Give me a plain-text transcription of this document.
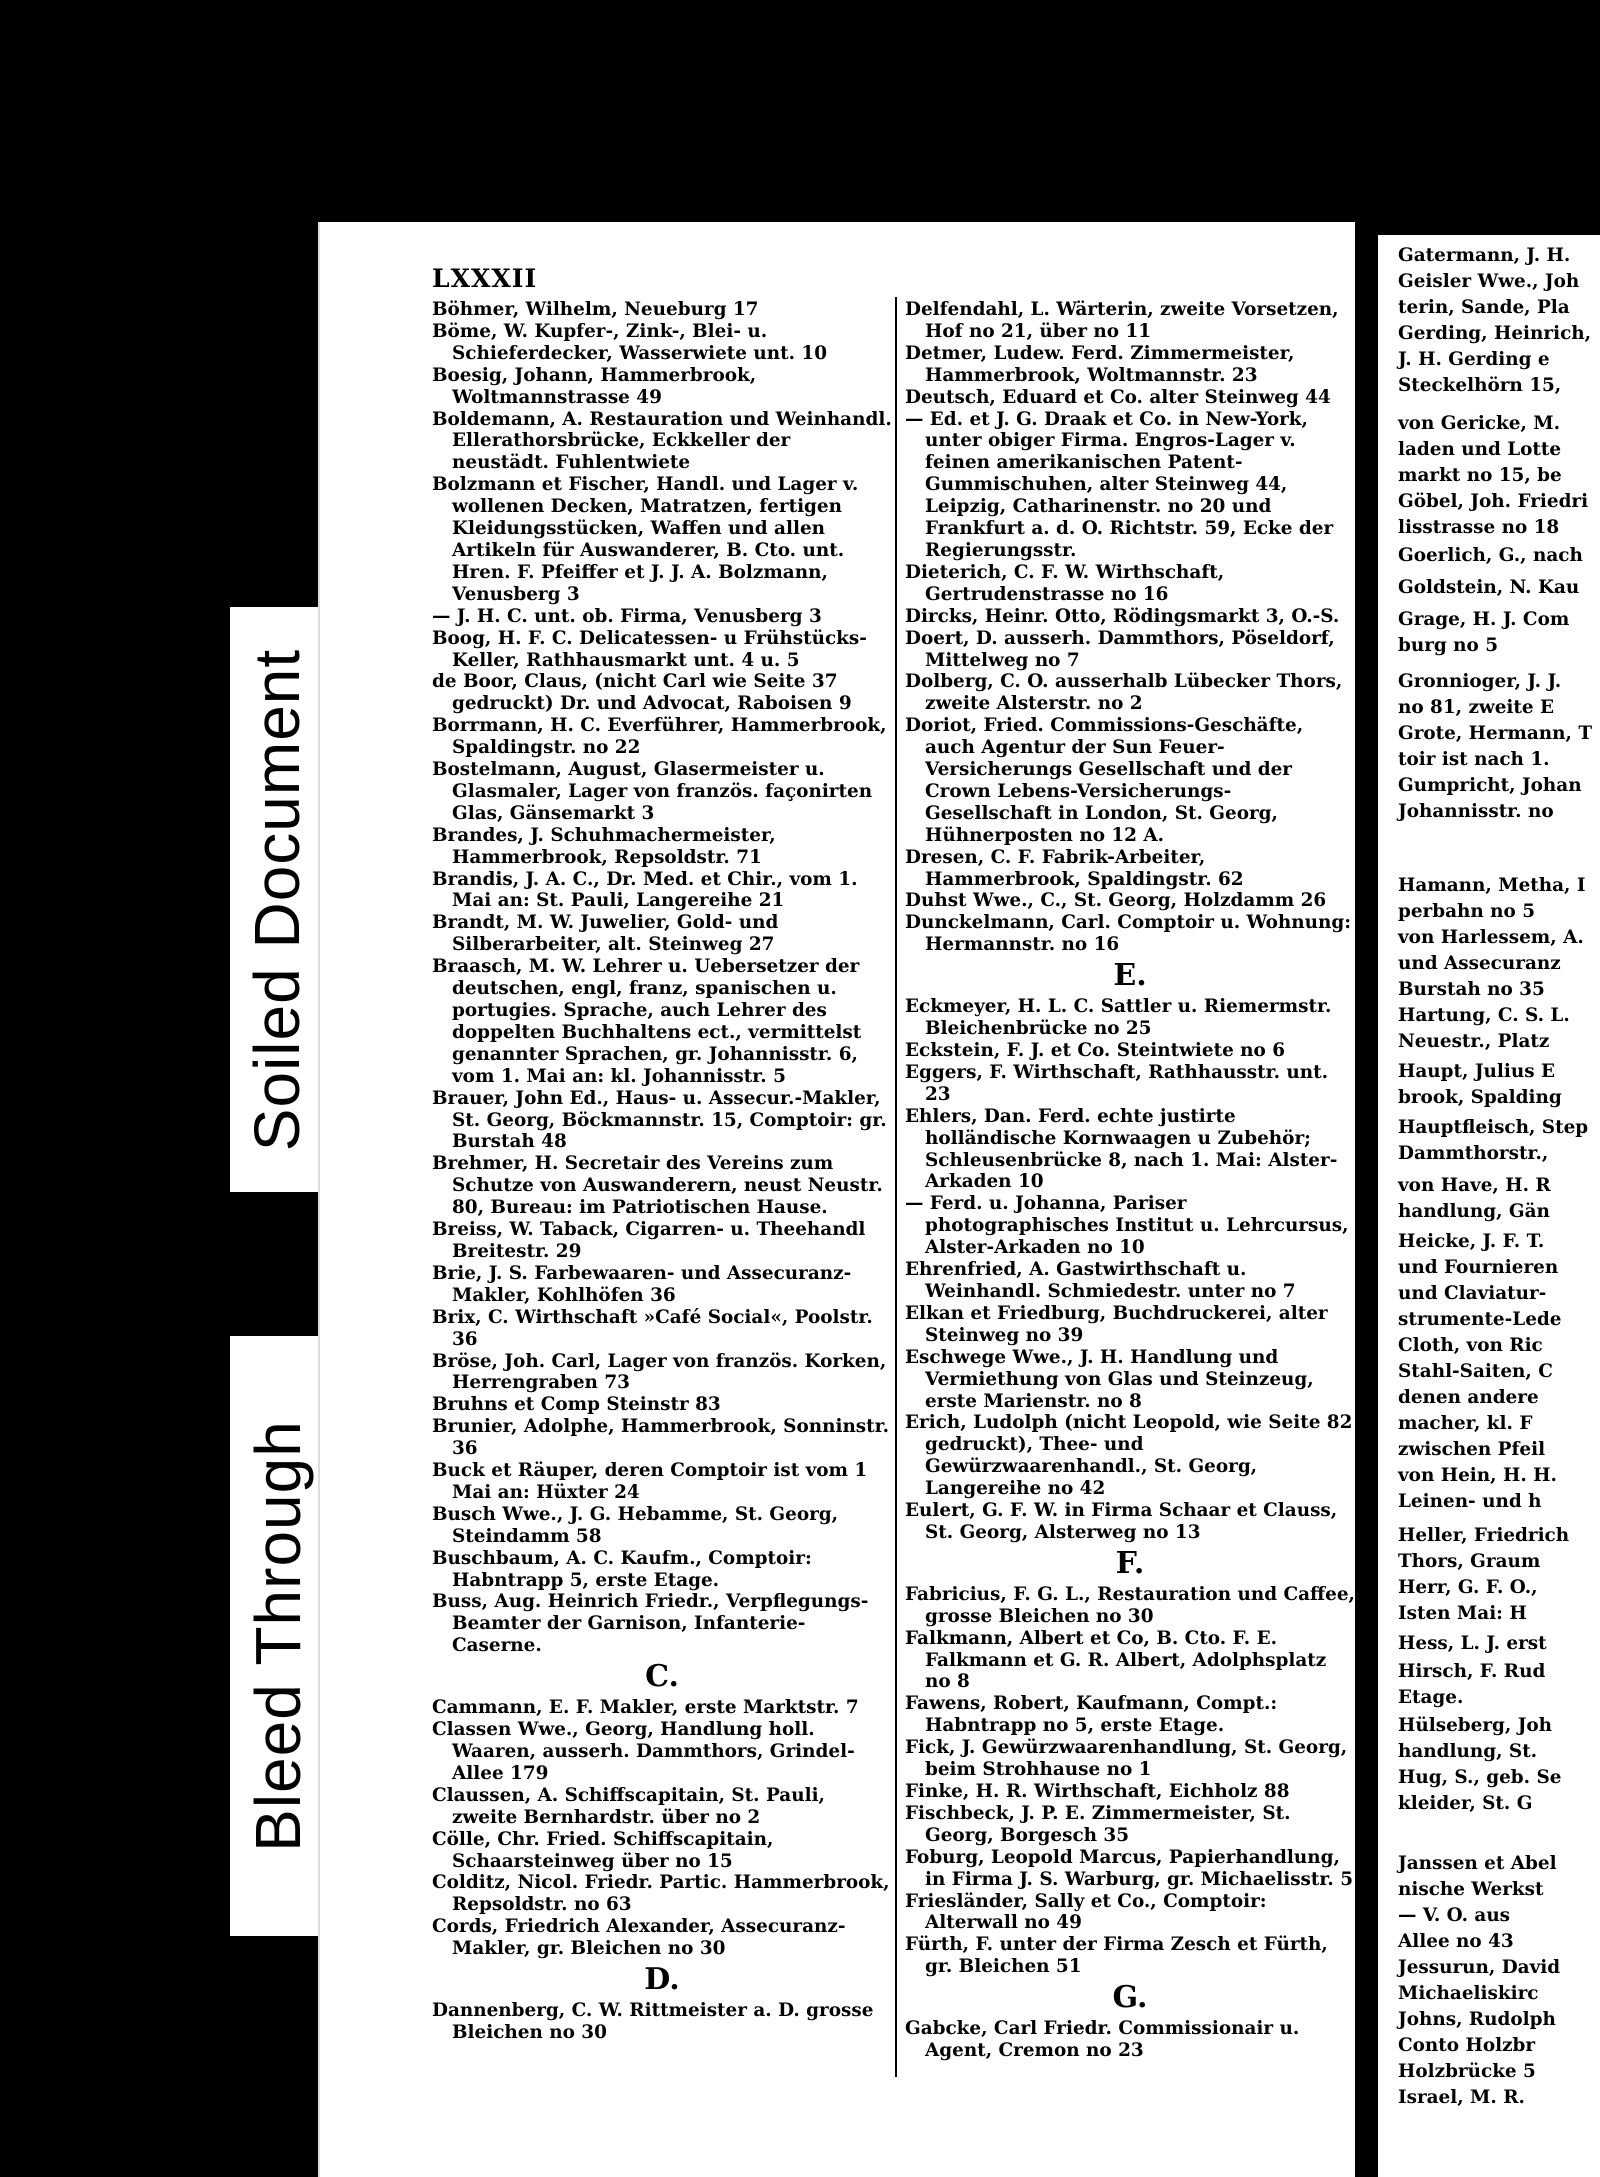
Soiled Document
Bleed Through
LXXXII
Böhmer, Wilhelm, Neueburg 17
Böme, W. Kupfer-, Zink-, Blei- u. Schieferdecker, Wasserwiete unt. 10
Boesig, Johann, Hammerbrook, Woltmannstrasse 49
Boldemann, A. Restauration und Weinhandl. Ellerathorsbrücke, Eckkeller der neustädt. Fuhlentwiete
Bolzmann et Fischer, Handl. und Lager v. wollenen Decken, Matratzen, fertigen Kleidungsstücken, Waffen und allen Artikeln für Auswanderer, B. Cto. unt. Hren. F. Pfeiffer et J. J. A. Bolzmann, Venusberg 3
— J. H. C. unt. ob. Firma, Venusberg 3
Boog, H. F. C. Delicatessen- u Frühstücks-Keller, Rathhausmarkt unt. 4 u. 5
de Boor, Claus, (nicht Carl wie Seite 37 gedruckt) Dr. und Advocat, Raboisen 9
Borrmann, H. C. Everführer, Hammerbrook, Spaldingstr. no 22
Bostelmann, August, Glasermeister u. Glasmaler, Lager von französ. façonirten Glas, Gänsemarkt 3
Brandes, J. Schuhmachermeister, Hammerbrook, Repsoldstr. 71
Brandis, J. A. C., Dr. Med. et Chir., vom 1. Mai an: St. Pauli, Langereihe 21
Brandt, M. W. Juwelier, Gold- und Silberarbeiter, alt. Steinweg 27
Braasch, M. W. Lehrer u. Uebersetzer der deutschen, engl, franz, spanischen u. portugies. Sprache, auch Lehrer des doppelten Buchhaltens ect., vermittelst genannter Sprachen, gr. Johannisstr. 6, vom 1. Mai an: kl. Johannisstr. 5
Brauer, John Ed., Haus- u. Assecur.-Makler, St. Georg, Böckmannstr. 15, Comptoir: gr. Burstah 48
Brehmer, H. Secretair des Vereins zum Schutze von Auswanderern, neust Neustr. 80, Bureau: im Patriotischen Hause.
Breiss, W. Taback, Cigarren- u. Theehandl Breitestr. 29
Brie, J. S. Farbewaaren- und Assecuranz-Makler, Kohlhöfen 36
Brix, C. Wirthschaft »Café Social«, Poolstr. 36
Bröse, Joh. Carl, Lager von französ. Korken, Herrengraben 73
Bruhns et Comp Steinstr 83
Brunier, Adolphe, Hammerbrook, Sonninstr. 36
Buck et Räuper, deren Comptoir ist vom 1 Mai an: Hüxter 24
Busch Wwe., J. G. Hebamme, St. Georg, Steindamm 58
Buschbaum, A. C. Kaufm., Comptoir: Habntrapp 5, erste Etage.
Buss, Aug. Heinrich Friedr., Verpflegungs-Beamter der Garnison, Infanterie-Caserne.
C.
Cammann, E. F. Makler, erste Marktstr. 7
Classen Wwe., Georg, Handlung holl. Waaren, ausserh. Dammthors, Grindel-Allee 179
Claussen, A. Schiffscapitain, St. Pauli, zweite Bernhardstr. über no 2
Cölle, Chr. Fried. Schiffscapitain, Schaarsteinweg über no 15
Colditz, Nicol. Friedr. Partic. Hammerbrook, Repsoldstr. no 63
Cords, Friedrich Alexander, Assecuranz-Makler, gr. Bleichen no 30
D.
Dannenberg, C. W. Rittmeister a. D. grosse Bleichen no 30
Delfendahl, L. Wärterin, zweite Vorsetzen, Hof no 21, über no 11
Detmer, Ludew. Ferd. Zimmermeister, Hammerbrook, Woltmannstr. 23
Deutsch, Eduard et Co. alter Steinweg 44
— Ed. et J. G. Draak et Co. in New-York, unter obiger Firma. Engros-Lager v. feinen amerikanischen Patent-Gummischuhen, alter Steinweg 44, Leipzig, Catharinenstr. no 20 und Frankfurt a. d. O. Richtstr. 59, Ecke der Regierungsstr.
Dieterich, C. F. W. Wirthschaft, Gertrudenstrasse no 16
Dircks, Heinr. Otto, Rödingsmarkt 3, O.-S.
Doert, D. ausserh. Dammthors, Pöseldorf, Mittelweg no 7
Dolberg, C. O. ausserhalb Lübecker Thors, zweite Alsterstr. no 2
Doriot, Fried. Commissions-Geschäfte, auch Agentur der Sun Feuer-Versicherungs Gesellschaft und der Crown Lebens-Versicherungs-Gesellschaft in London, St. Georg, Hühnerposten no 12 A.
Dresen, C. F. Fabrik-Arbeiter, Hammerbrook, Spaldingstr. 62
Duhst Wwe., C., St. Georg, Holzdamm 26
Dunckelmann, Carl. Comptoir u. Wohnung: Hermannstr. no 16
E.
Eckmeyer, H. L. C. Sattler u. Riemermstr. Bleichenbrücke no 25
Eckstein, F. J. et Co. Steintwiete no 6
Eggers, F. Wirthschaft, Rathhausstr. unt. 23
Ehlers, Dan. Ferd. echte justirte holländische Kornwaagen u Zubehör; Schleusenbrücke 8, nach 1. Mai: Alster-Arkaden 10
— Ferd. u. Johanna, Pariser photographisches Institut u. Lehrcursus, Alster-Arkaden no 10
Ehrenfried, A. Gastwirthschaft u. Weinhandl. Schmiedestr. unter no 7
Elkan et Friedburg, Buchdruckerei, alter Steinweg no 39
Eschwege Wwe., J. H. Handlung und Vermiethung von Glas und Steinzeug, erste Marienstr. no 8
Erich, Ludolph (nicht Leopold, wie Seite 82 gedruckt), Thee- und Gewürzwaarenhandl., St. Georg, Langereihe no 42
Eulert, G. F. W. in Firma Schaar et Clauss, St. Georg, Alsterweg no 13
F.
Fabricius, F. G. L., Restauration und Caffee, grosse Bleichen no 30
Falkmann, Albert et Co, B. Cto. F. E. Falkmann et G. R. Albert, Adolphsplatz no 8
Fawens, Robert, Kaufmann, Compt.: Habntrapp no 5, erste Etage.
Fick, J. Gewürzwaarenhandlung, St. Georg, beim Strohhause no 1
Finke, H. R. Wirthschaft, Eichholz 88
Fischbeck, J. P. E. Zimmermeister, St. Georg, Borgesch 35
Foburg, Leopold Marcus, Papierhandlung, in Firma J. S. Warburg, gr. Michaelisstr. 5
Friesländer, Sally et Co., Comptoir: Alterwall no 49
Fürth, F. unter der Firma Zesch et Fürth, gr. Bleichen 51
G.
Gabcke, Carl Friedr. Commissionair u. Agent, Cremon no 23
Gatermann, J. H.
Geisler Wwe., Joh
terin, Sande, Pla
Gerding, Heinrich,
J. H. Gerding e
Steckelhörn 15,
von Gericke, M.
laden und Lotte
markt no 15, be
Göbel, Joh. Friedri
lisstrasse no 18
Goerlich, G., nach
Goldstein, N. Kau
Grage, H. J. Com
burg no 5
Gronnioger, J. J.
no 81, zweite E
Grote, Hermann, T
toir ist nach 1.
Gumpricht, Johan
Johannisstr. no
Hamann, Metha, I
perbahn no 5
von Harlessem, A.
und Assecuranz
Burstah no 35
Hartung, C. S. L.
Neuestr., Platz
Haupt, Julius E
brook, Spalding
Hauptfleisch, Step
Dammthorstr.,
von Have, H. R
handlung, Gän
Heicke, J. F. T.
und Fournieren
und Claviatur-
strumente-Lede
Cloth, von Ric
Stahl-Saiten, C
denen andere
macher, kl. F
zwischen Pfeil
von Hein, H. H.
Leinen- und h
Heller, Friedrich
Thors, Graum
Herr, G. F. O.,
Isten Mai: H
Hess, L. J. erst
Hirsch, F. Rud
Etage.
Hülseberg, Joh
handlung, St.
Hug, S., geb. Se
kleider, St. G
Janssen et Abel
nische Werkst
— V. O. aus
Allee no 43
Jessurun, David
Michaeliskirc
Johns, Rudolph
Conto Holzbr
Holzbrücke 5
Israel, M. R.
